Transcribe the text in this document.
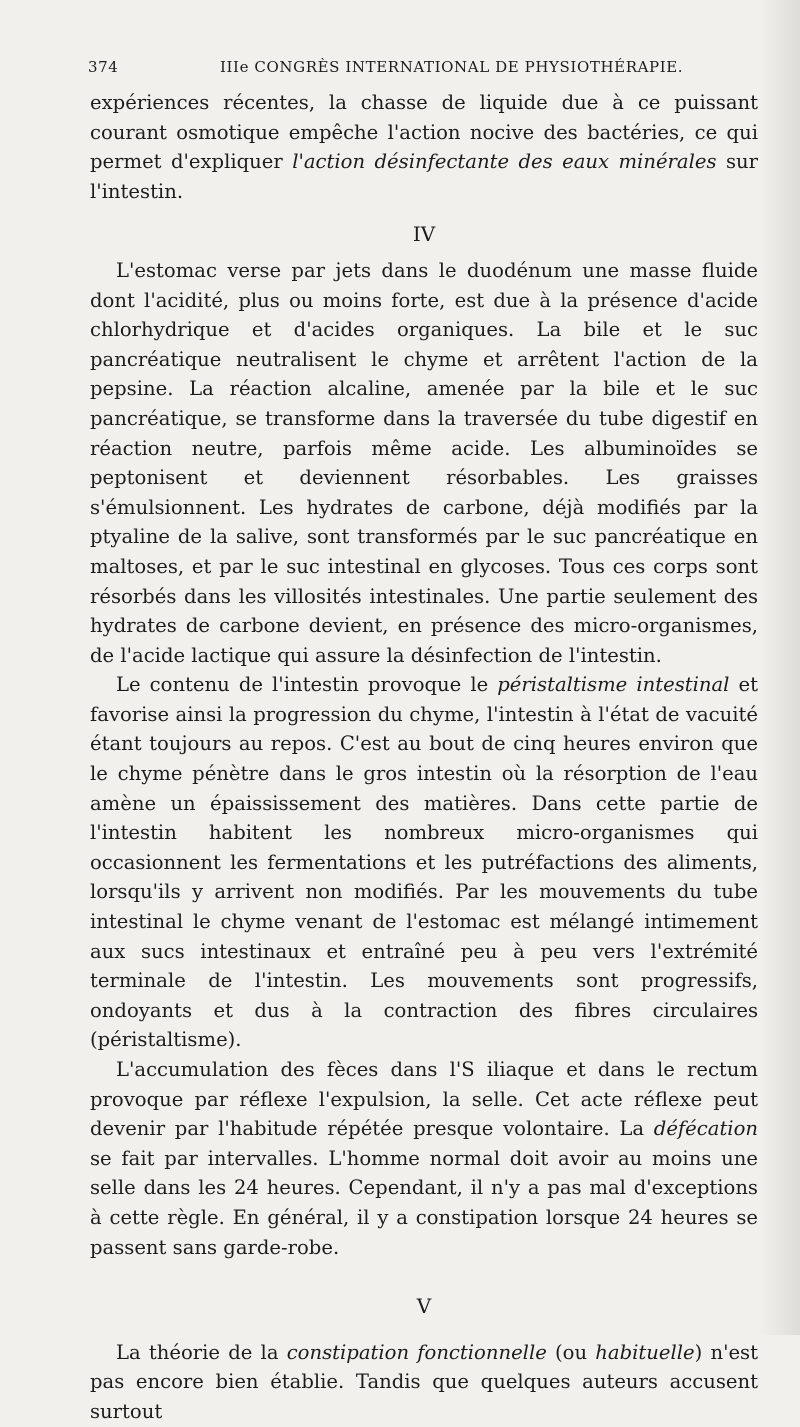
374	IIIe CONGRÈS INTERNATIONAL DE PHYSIOTHÉRAPIE.

expériences récentes, la chasse de liquide due à ce puissant courant osmotique empêche l'action nocive des bactéries, ce qui permet d'expliquer l'action désinfectante des eaux minérales sur l'intestin.

IV

L'estomac verse par jets dans le duodénum une masse fluide dont l'acidité, plus ou moins forte, est due à la présence d'acide chlorhydrique et d'acides organiques. La bile et le suc pancréatique neutralisent le chyme et arrêtent l'action de la pepsine. La réaction alcaline, amenée par la bile et le suc pancréatique, se transforme dans la traversée du tube digestif en réaction neutre, parfois même acide. Les albuminoïdes se peptonisent et deviennent résorbables. Les graisses s'émulsionnent. Les hydrates de carbone, déjà modifiés par la ptyaline de la salive, sont transformés par le suc pancréatique en maltoses, et par le suc intestinal en glycoses. Tous ces corps sont résorbés dans les villosités intestinales. Une partie seulement des hydrates de carbone devient, en présence des micro-organismes, de l'acide lactique qui assure la désinfection de l'intestin.

Le contenu de l'intestin provoque le péristaltisme intestinal et favorise ainsi la progression du chyme, l'intestin à l'état de vacuité étant toujours au repos. C'est au bout de cinq heures environ que le chyme pénètre dans le gros intestin où la résorption de l'eau amène un épaississement des matières. Dans cette partie de l'intestin habitent les nombreux micro-organismes qui occasionnent les fermentations et les putréfactions des aliments, lorsqu'ils y arrivent non modifiés. Par les mouvements du tube intestinal le chyme venant de l'estomac est mélangé intimement aux sucs intestinaux et entraîné peu à peu vers l'extrémité terminale de l'intestin. Les mouvements sont progressifs, ondoyants et dus à la contraction des fibres circulaires (péristaltisme).

L'accumulation des fèces dans l'S iliaque et dans le rectum provoque par réflexe l'expulsion, la selle. Cet acte réflexe peut devenir par l'habitude répétée presque volontaire. La défécation se fait par intervalles. L'homme normal doit avoir au moins une selle dans les 24 heures. Cependant, il n'y a pas mal d'exceptions à cette règle. En général, il y a constipation lorsque 24 heures se passent sans garde-robe.

V

La théorie de la constipation fonctionnelle (ou habituelle) n'est pas encore bien établie. Tandis que quelques auteurs accusent surtout
